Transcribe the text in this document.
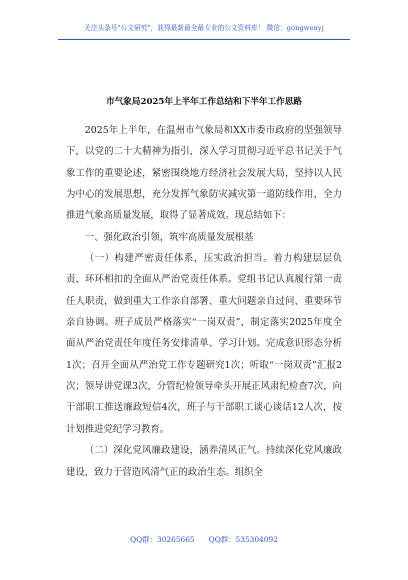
关注头条号"公文研究"，获得最新最全最专业的公文资料库！ 微信：gongwenyj
市气象局2025年上半年工作总结和下半年工作思路

2025年上半年，在温州市气象局和XX市委市政府的坚强领导下，以党的二十大精神为指引，深入学习贯彻习近平总书记关于气象工作的重要论述，紧密围绕地方经济社会发展大局，坚持以人民为中心的发展思想，充分发挥气象防灾减灾第一道防线作用，全力推进气象高质量发展，取得了显著成效。现总结如下：

一、强化政治引领，筑牢高质量发展根基

（一）构建严密责任体系，压实政治担当。着力构建层层负责、环环相扣的全面从严治党责任体系。党组书记认真履行第一责任人职责，做到重大工作亲自部署、重大问题亲自过问、重要环节亲自协调。班子成员严格落实“一岗双责”，制定落实2025年度全面从严治党责任年度任务安排清单、学习计划。完成意识形态分析1次；召开全面从严治党工作专题研究1次；听取“一岗双责”汇报2次；领导讲党课3次，分管纪检领导牵头开展正风肃纪检查7次，向干部职工推送廉政短信4次，班子与干部职工谈心谈话12人次，按计划推进党纪学习教育。

（二）深化党风廉政建设，涵养清风正气。持续深化党风廉政建设，致力于营造风清气正的政治生态。组织全

QQ群：30265665 QQ群：535304092
